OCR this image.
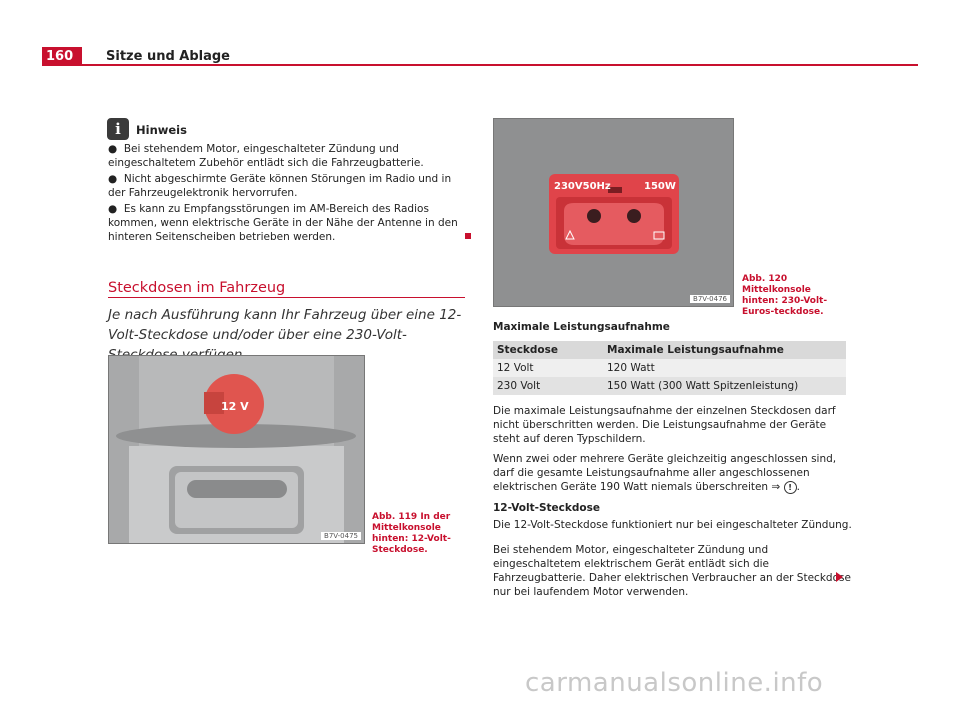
160	Sitze und Ablage
i	Hinweis
●  Bei stehendem Motor, eingeschalteter Zündung und eingeschaltetem Zubehör entlädt sich die Fahrzeugbatterie.
●  Nicht abgeschirmte Geräte können Störungen im Radio und in der Fahrzeugelektronik hervorrufen.
●  Es kann zu Empfangsstörungen im AM-Bereich des Radios kommen, wenn elektrische Geräte in der Nähe der Antenne in den hinteren Seitenscheiben betrieben werden.
Steckdosen im Fahrzeug
Je nach Ausführung kann Ihr Fahrzeug über eine 12-Volt-Steckdose und/oder über eine 230-Volt-
12 V
B7V-0475
Abb. 119 In der Mittelkonsole hinten: 12-Volt-Steckdose.
230V50Hz	150W
B7V-0476
Abb. 120 Mittelkonsole hinten: 230-Volt-Euros-teckdose.
Maximale Leistungsaufnahme
Steckdose	Maximale Leistungsaufnahme
12 Volt	120 Watt
230 Volt	150 Watt (300 Watt Spitzenleistung)
Die maximale Leistungsaufnahme der einzelnen Steckdosen darf nicht überschritten werden. Die Leistungsaufnahme der Geräte steht auf deren Typschildern.
Wenn zwei oder mehrere Geräte gleichzeitig angeschlossen sind, darf die gesamte Leistungsaufnahme aller angeschlossenen elektrischen Geräte 190 Watt niemals überschreiten ⇒ ! .
12-Volt-Steckdose
Die 12-Volt-Steckdose funktioniert nur bei eingeschalteter Zündung.
Bei stehendem Motor, eingeschalteter Zündung und eingeschaltetem elektrischem Gerät entlädt sich die Fahrzeugbatterie. Daher elektrischen Verbraucher an der Steckdose nur bei laufendem Motor verwenden.
carmanualsonline.info
